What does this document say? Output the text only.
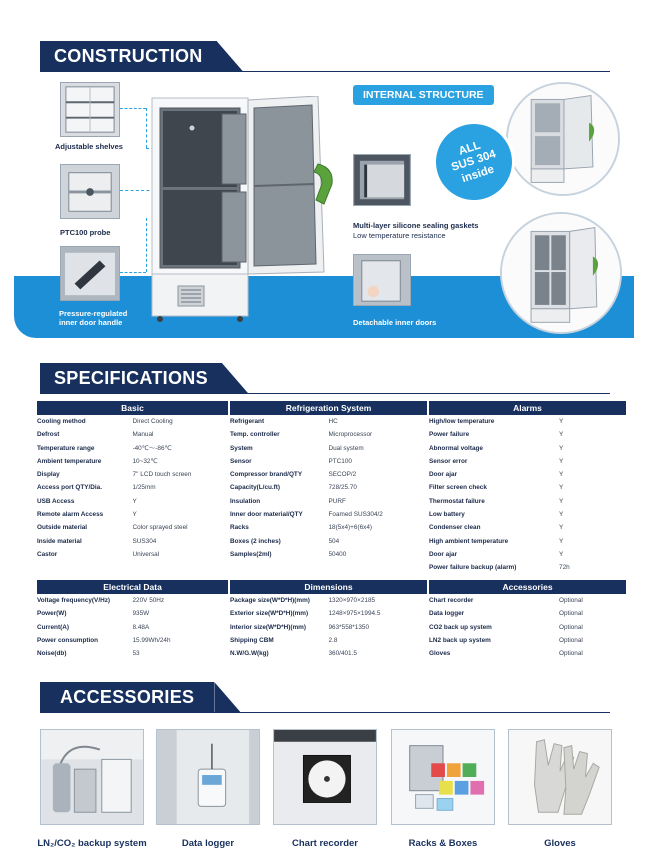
CONSTRUCTION
Adjustable shelves
PTC100 probe
Pressure-regulated
inner door handle
INTERNAL STRUCTURE
ALL
SUS 304
inside
Multi-layer silicone sealing gaskets
Low temperature resistance
Detachable inner doors
SPECIFICATIONS
Basic
Cooling method	Direct Cooling
Defrost	Manual
Temperature range	-40℃～-86℃
Ambient temperature	10~32℃
Display	7'' LCD touch screen
Access port QTY/Dia.	1/25mm
USB Access	Y
Remote alarm Access	Y
Outside material	Color sprayed steel
Inside material	SUS304
Castor	Universal
Refrigeration System
Refrigerant	HC
Temp. controller	Microprocessor
System	Dual system
Sensor	PTC100
Compressor brand/QTY	SECOP/2
Capacity(L/cu.ft)	728/25.70
Insulation	PURF
Inner door material/QTY	Foamed SUS304/2
Racks	18(5x4)+6(6x4)
Boxes (2 inches)	504
Samples(2ml)	50400
Alarms
High/low temperature	Y
Power failure	Y
Abnormal voltage	Y
Sensor error	Y
Door ajar	Y
Filter screen check	Y
Thermostat failure	Y
Low battery	Y
Condenser clean	Y
High ambient temperature	Y
Door ajar	Y
Power failure backup (alarm)	72h
Electrical Data
Voltage frequency(V/Hz)	220V 50Hz
Power(W)	935W
Current(A)	8.48A
Power consumption	15.99Wh/24h
Noise(db)	53
Dimensions
Package size(W*D*H)(mm)	1320×970×2185
Exterior size(W*D*H)(mm)	1248×975×1994.5
Interior size(W*D*H)(mm)	963*558*1350
Shipping CBM	2.8
N.W/G.W(kg)	360/401.5
Accessories
Chart recorder	Optional
Data logger	Optional
CO2 back up system	Optional
LN2 back up system	Optional
Gloves	Optional
ACCESSORIES
LN₂/CO₂ backup system	Data logger	Chart recorder	Racks & Boxes	Gloves
